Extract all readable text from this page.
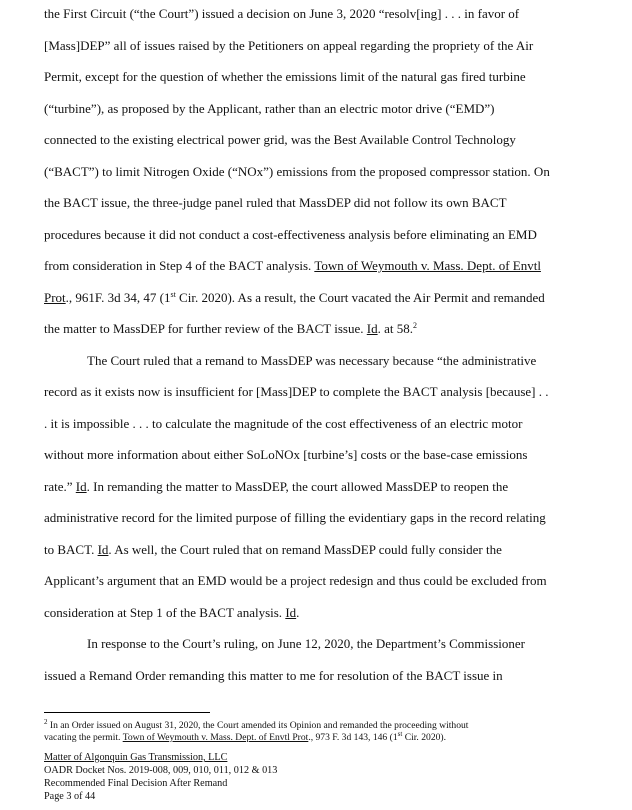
the First Circuit (“the Court”) issued a decision on June 3, 2020 “resolv[ing] . . . in favor of
[Mass]DEP” all of issues raised by the Petitioners on appeal regarding the propriety of the Air
Permit, except for the question of whether the emissions limit of the natural gas fired turbine
(“turbine”), as proposed by the Applicant, rather than an electric motor drive (“EMD”)
connected to the existing electrical power grid, was the Best Available Control Technology
(“BACT”) to limit Nitrogen Oxide (“NOx”) emissions from the proposed compressor station. On
the BACT issue, the three-judge panel ruled that MassDEP did not follow its own BACT
procedures because it did not conduct a cost-effectiveness analysis before eliminating an EMD
from consideration in Step 4 of the BACT analysis. Town of Weymouth v. Mass. Dept. of Envtl
Prot., 961F. 3d 34, 47 (1st Cir. 2020). As a result, the Court vacated the Air Permit and remanded
the matter to MassDEP for further review of the BACT issue. Id. at 58.$^2$
The Court ruled that a remand to MassDEP was necessary because “the administrative
record as it exists now is insufficient for [Mass]DEP to complete the BACT analysis [because] . .
. it is impossible . . . to calculate the magnitude of the cost effectiveness of an electric motor
without more information about either SoLoNOx [turbine’s] costs or the base-case emissions
rate.” Id. In remanding the matter to MassDEP, the court allowed MassDEP to reopen the
administrative record for the limited purpose of filling the evidentiary gaps in the record relating
to BACT. Id. As well, the Court ruled that on remand MassDEP could fully consider the
Applicant’s argument that an EMD would be a project redesign and thus could be excluded from
consideration at Step 1 of the BACT analysis. Id.
In response to the Court’s ruling, on June 12, 2020, the Department’s Commissioner
issued a Remand Order remanding this matter to me for resolution of the BACT issue in
$^2$ In an Order issued on August 31, 2020, the Court amended its Opinion and remanded the proceeding without
vacating the permit. Town of Weymouth v. Mass. Dept. of Envtl Prot., 973 F. 3d 143, 146 (1st Cir. 2020).
Matter of Algonquin Gas Transmission, LLC
OADR Docket Nos. 2019-008, 009, 010, 011, 012 & 013
Recommended Final Decision After Remand
Page 3 of 44
